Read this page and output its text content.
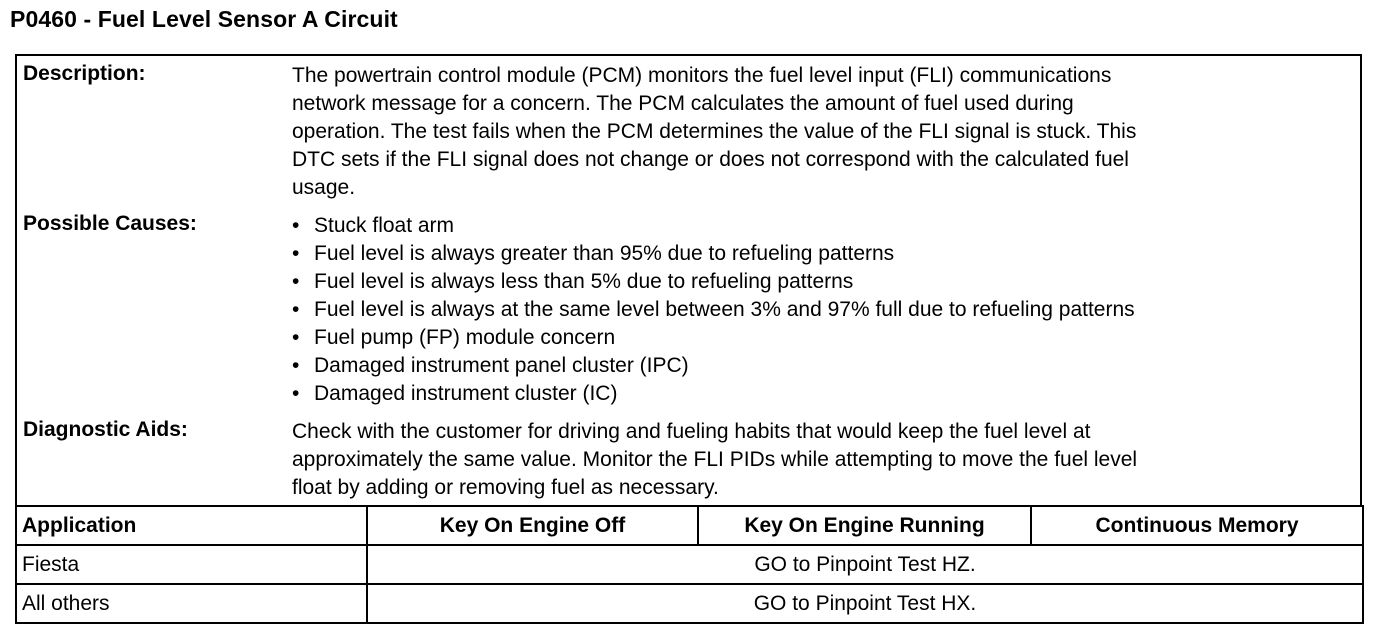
P0460 - Fuel Level Sensor A Circuit
Description:	The powertrain control module (PCM) monitors the fuel level input (FLI) communications
network message for a concern. The PCM calculates the amount of fuel used during
operation. The test fails when the PCM determines the value of the FLI signal is stuck. This
DTC sets if the FLI signal does not change or does not correspond with the calculated fuel
usage.
Possible Causes:	• Stuck float arm
• Fuel level is always greater than 95% due to refueling patterns
• Fuel level is always less than 5% due to refueling patterns
• Fuel level is always at the same level between 3% and 97% full due to refueling patterns
• Fuel pump (FP) module concern
• Damaged instrument panel cluster (IPC)
• Damaged instrument cluster (IC)
Diagnostic Aids:	Check with the customer for driving and fueling habits that would keep the fuel level at
approximately the same value. Monitor the FLI PIDs while attempting to move the fuel level
float by adding or removing fuel as necessary.
Application	Key On Engine Off	Key On Engine Running	Continuous Memory
Fiesta	GO to Pinpoint Test HZ.		
All others	GO to Pinpoint Test HX.		
